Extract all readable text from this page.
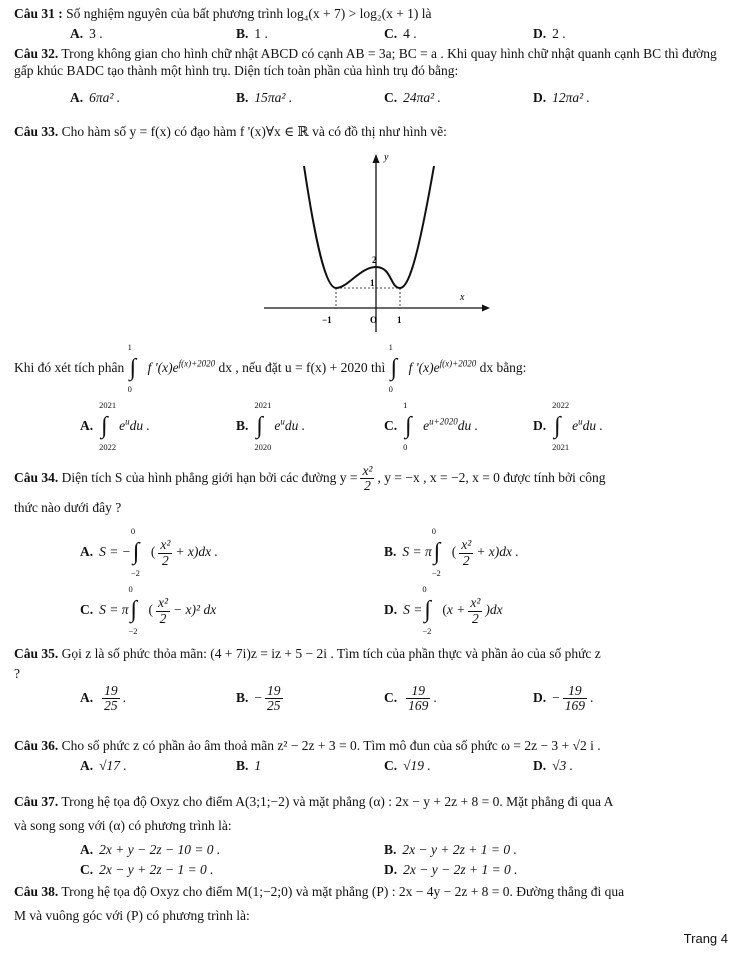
Câu 31 : Số nghiệm nguyên của bất phương trình log₄(x + 7) > log₂(x + 1) là
A. 3 .	B. 1 .	C. 4 .	D. 2 .
Câu 32. Trong không gian cho hình chữ nhật ABCD có cạnh AB = 3a; BC = a . Khi quay hình chữ nhật quanh cạnh BC thì đường gấp khúc BADC tạo thành một hình trụ. Diện tích toàn phần của hình trụ đó bằng:
A. 6πa² .	B. 15πa² .	C. 24πa² .	D. 12πa² .
Câu 33. Cho hàm số y = f(x) có đạo hàm f '(x)∀x ∈ ℝ và có đồ thị như hình vẽ:
y
x
2
1
−1	O 1
Khi đó xét tích phân
1
∫
0
f '$(x)e^{f(x)+2020}$ dx , nếu đặt u = f(x) + 2020 thì
1
∫
0
f '$(x)e^{f(x)+2020}$ dx bằng:
A.
2021
∫
2022
$e^udu$ .	B.
2021
∫
2020
$e^udu$ .	C.
1
∫
0
$e^{u+2020}du$ .	D.
2022
∫
2021
$e^udu$ .
Câu 34. Diện tích S của hình phẳng giới hạn bởi các đường $y = \frac{\text{x²}}{2}$ , y = −x , x = −2, x = 0 được tính bởi công
thức nào dưới đây ?
A. S = −
0
∫
−2
( $\frac{\text{x²}}{2} + x)dx$ .	B. S = π
0
∫
−2
( $\frac{\text{x²}}{2} + x)dx$ .
C. S = π
0
∫
−2
( $\frac{\text{x²}}{2} - x)^2$ dx	D. S =
0
∫
−2
$(x + \frac{\text{x²}}{2} )dx$
Câu 35. Gọi z là số phức thỏa mãn: (4 + 7i)z = iz + 5 − 2i . Tìm tích của phần thực và phần ảo của số phức z
?
A. $\frac{19}{25}$ .	B. − $\frac{19}{25}$	C. $\frac{19}{169}$ .	D. − $\frac{19}{169}$ .
Câu 36. Cho số phức z có phần ảo âm thoả mãn z² − 2z + 3 = 0. Tìm mô đun của số phức ω = 2z − 3 + √2 i .
A. √17 .	B. 1	C. √19 .	D. √3 .
Câu 37. Trong hệ tọa độ Oxyz cho điểm A(3;1;−2) và mặt phẳng (α) : 2x − y + 2z + 8 = 0. Mặt phẳng đi qua A
và song song với (α) có phương trình là:
A. 2x + y − 2z − 10 = 0 .	B. 2x − y + 2z + 1 = 0 .
C. 2x − y + 2z − 1 = 0 .	D. 2x − y − 2z + 1 = 0 .
Câu 38. Trong hệ tọa độ Oxyz cho điểm M(1;−2;0) và mặt phẳng (P) : 2x − 4y − 2z + 8 = 0. Đường thẳng đi qua
M và vuông góc với (P) có phương trình là:
Trang 4
